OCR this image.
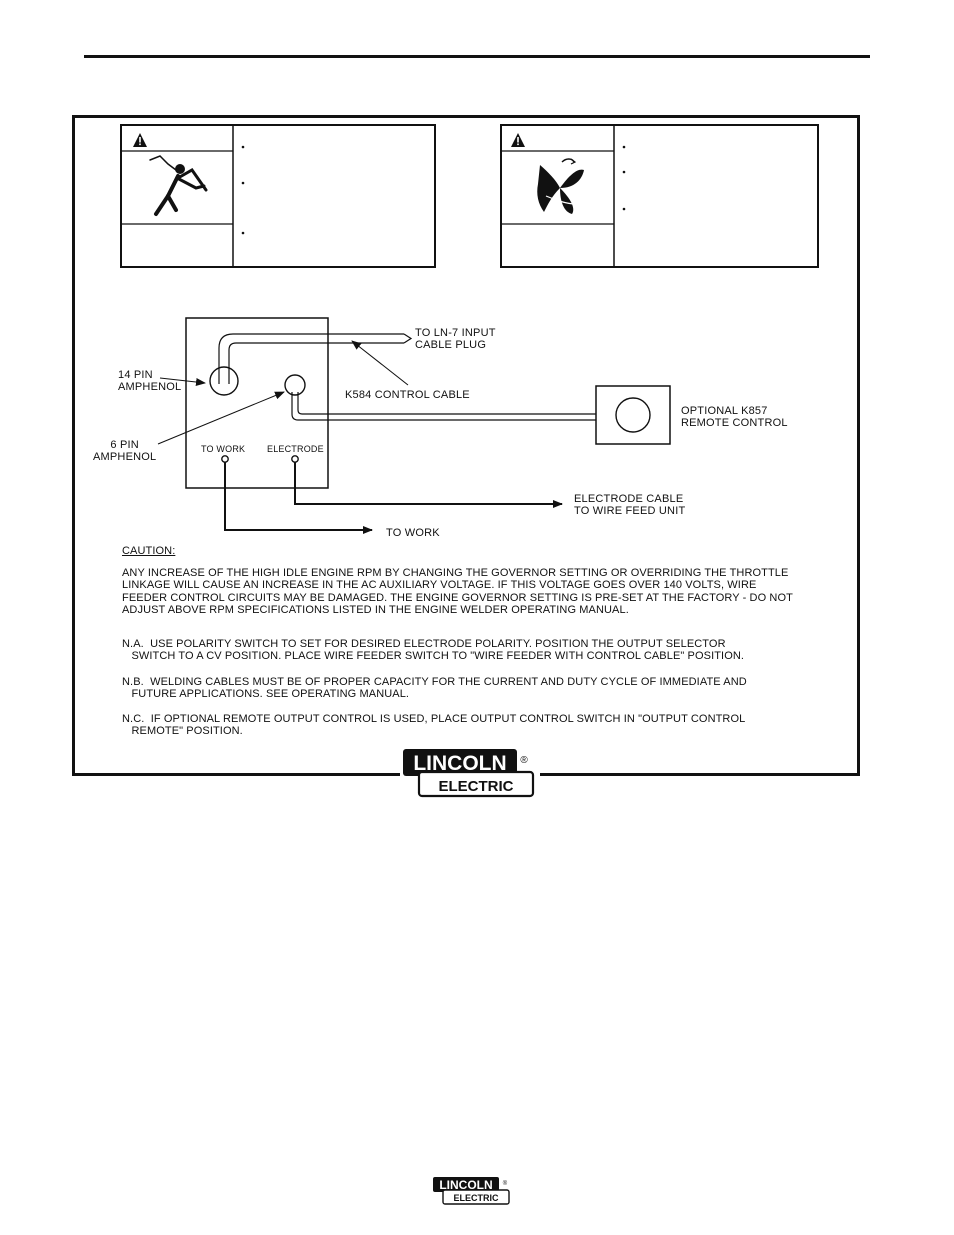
14 PIN
AMPHENOL
6 PIN
AMPHENOL
TO LN-7 INPUT
CABLE PLUG
K584 CONTROL CABLE
OPTIONAL K857
REMOTE CONTROL
TO WORK ELECTRODE
ELECTRODE CABLE
TO WIRE FEED UNIT
TO WORK
CAUTION:
ANY INCREASE OF THE HIGH IDLE ENGINE RPM BY CHANGING THE GOVERNOR SETTING OR OVERRIDING THE THROTTLE
LINKAGE WILL CAUSE AN INCREASE IN THE AC AUXILIARY VOLTAGE. IF THIS VOLTAGE GOES OVER 140 VOLTS, WIRE
FEEDER CONTROL CIRCUITS MAY BE DAMAGED. THE ENGINE GOVERNOR SETTING IS PRE-SET AT THE FACTORY - DO NOT
ADJUST ABOVE RPM SPECIFICATIONS LISTED IN THE ENGINE WELDER OPERATING MANUAL.
N.A.  USE POLARITY SWITCH TO SET FOR DESIRED ELECTRODE POLARITY. POSITION THE OUTPUT SELECTOR
SWITCH TO A CV POSITION. PLACE WIRE FEEDER SWITCH TO "WIRE FEEDER WITH CONTROL CABLE" POSITION.
N.B.  WELDING CABLES MUST BE OF PROPER CAPACITY FOR THE CURRENT AND DUTY CYCLE OF IMMEDIATE AND
FUTURE APPLICATIONS. SEE OPERATING MANUAL.
N.C.  IF OPTIONAL REMOTE OUTPUT CONTROL IS USED, PLACE OUTPUT CONTROL SWITCH IN "OUTPUT CONTROL
REMOTE" POSITION.
LINCOLN
ELECTRIC
®
LINCOLN
ELECTRIC
®
